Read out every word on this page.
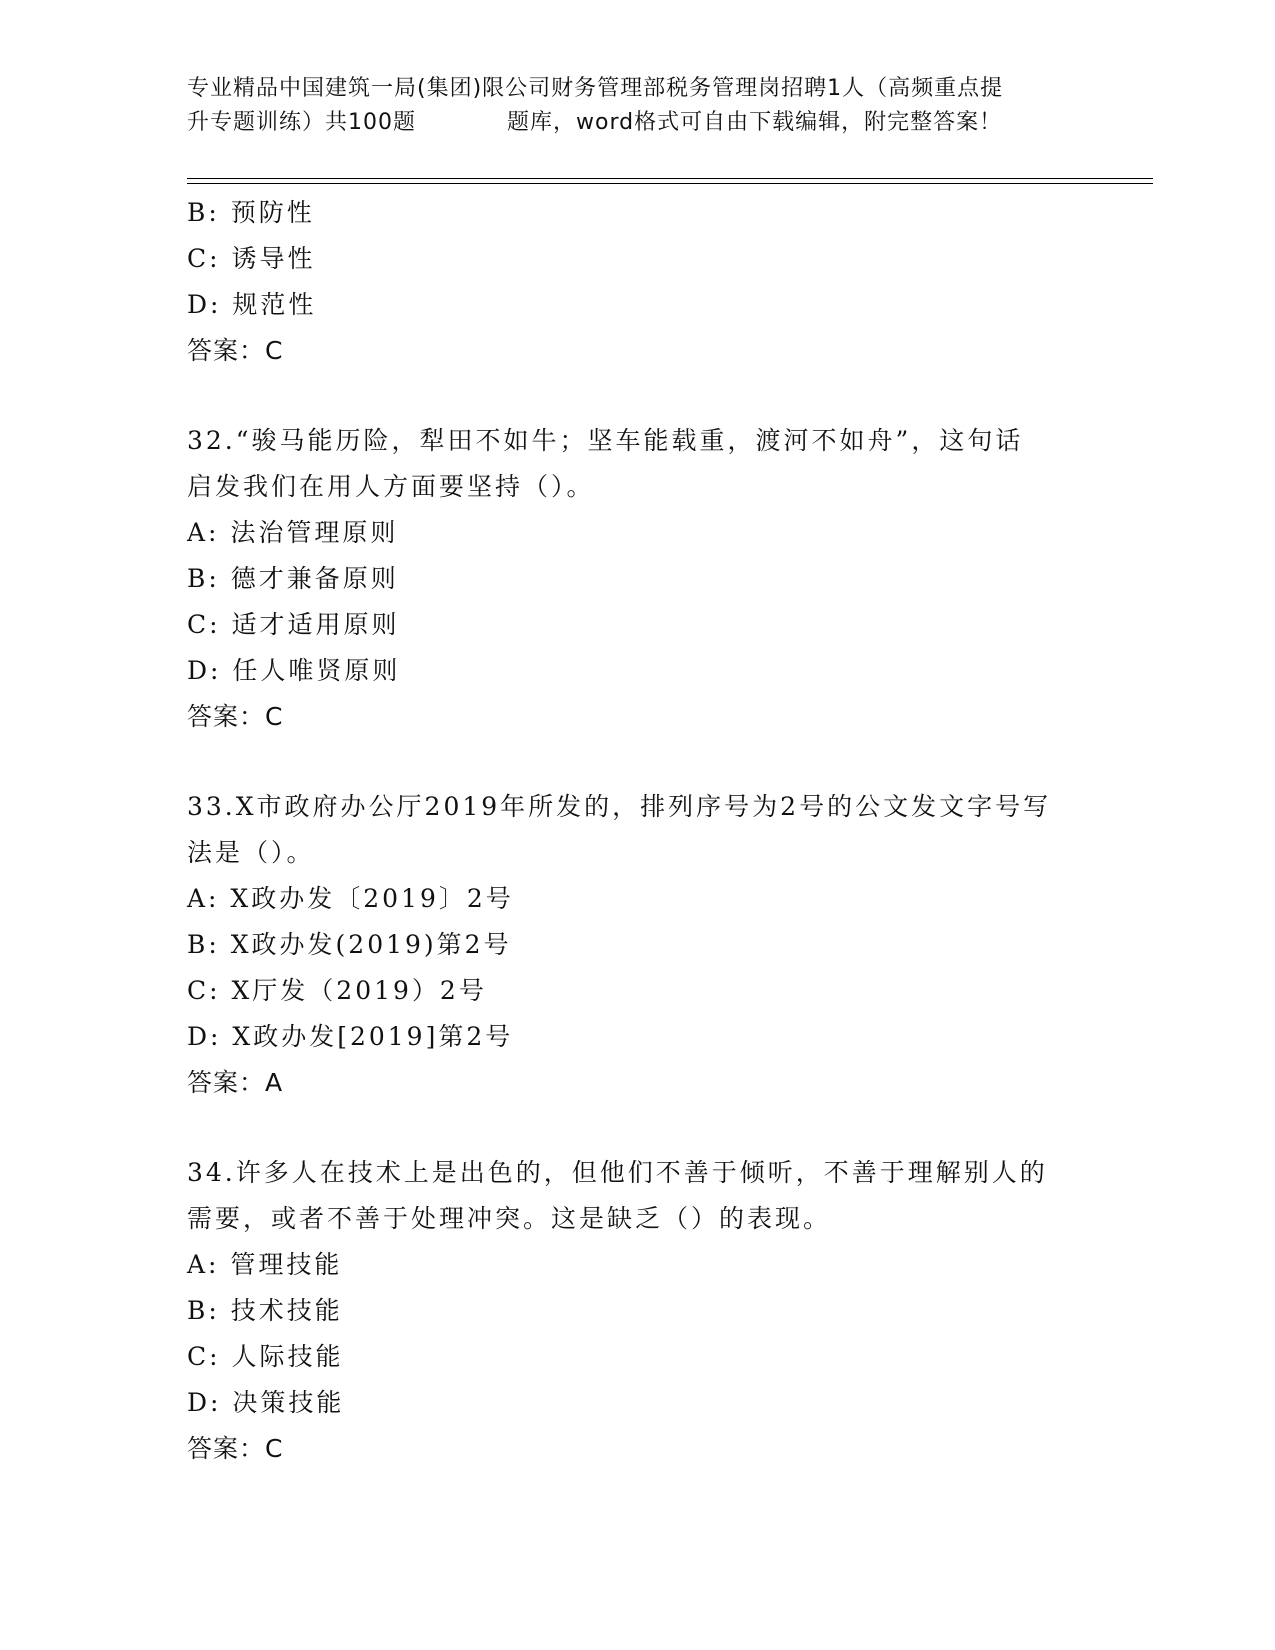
专业精品中国建筑一局(集团)限公司财务管理部税务管理岗招聘1人（高频重点提
升专题训练）共100题	题库，word格式可自由下载编辑，附完整答案！
B: 预防性
C: 诱导性
D: 规范性
答案：C
32.“骏马能历险，犁田不如牛；坚车能载重，渡河不如舟”，这句话
启发我们在用人方面要坚持（）。
A: 法治管理原则
B: 德才兼备原则
C: 适才适用原则
D: 任人唯贤原则
答案：C
33.X市政府办公厅2019年所发的，排列序号为2号的公文发文字号写
法是（）。
A: X政办发〔2019〕2号
B: X政办发(2019)第2号
C: X厅发（2019）2号
D: X政办发[2019]第2号
答案：A
34.许多人在技术上是出色的，但他们不善于倾听，不善于理解别人的
需要，或者不善于处理冲突。这是缺乏（）的表现。
A: 管理技能
B: 技术技能
C: 人际技能
D: 决策技能
答案：C
